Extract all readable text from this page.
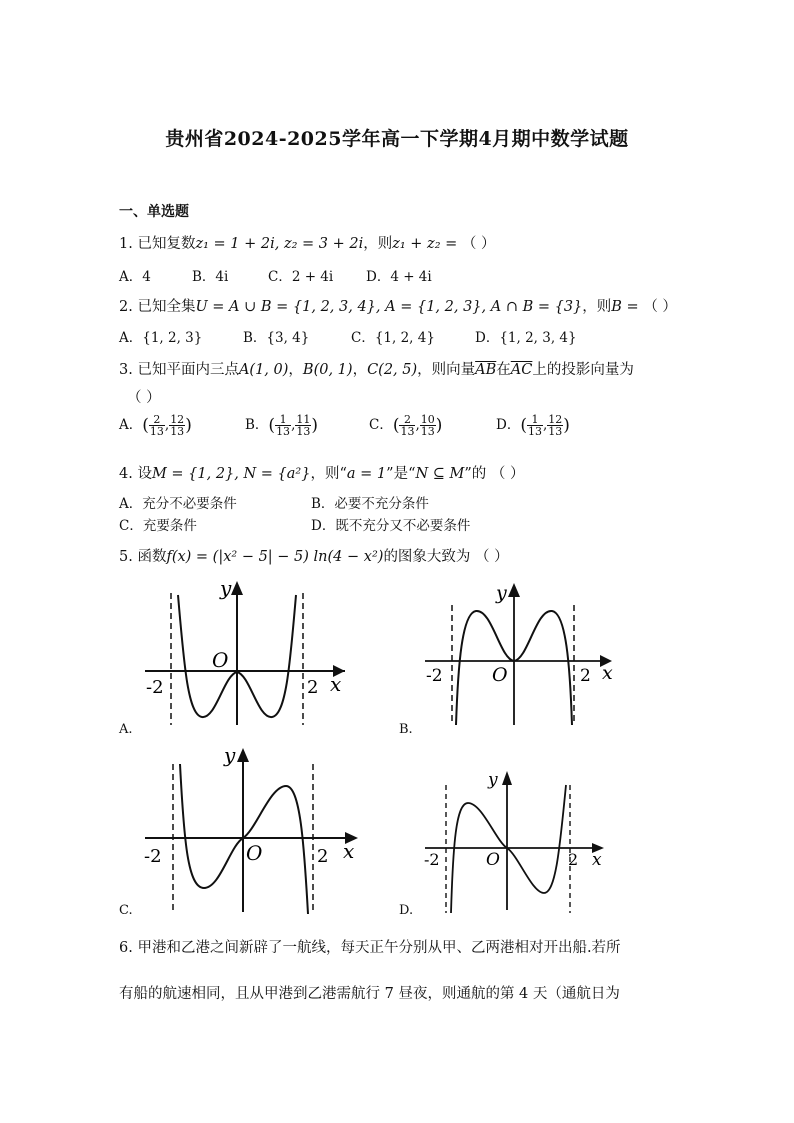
贵州省2024-2025学年高一下学期4月期中数学试题
一、单选题
1. 已知复数z₁ = 1 + 2i, z₂ = 3 + 2i，则z₁ + z₂ = （ ）
A．4	B．4i	C．2 + 4i D．4 + 4i
2. 已知全集U = A ∪ B = {1, 2, 3, 4}, A = {1, 2, 3}, A ∩ B = {3}，则B = （ ）
A．{1, 2, 3}	B．{3, 4}	C．{1, 2, 4}	D．{1, 2, 3, 4}
3. 已知平面内三点A(1, 0)，B(0, 1)，C(2, 5)，则向量$\overline{AB}$在$\overline{AC}$上的投影向量为
（ ）
A．( $\frac{2}{13}$ , $\frac{12}{13}$ )	B．( $\frac{1}{13}$ , $\frac{11}{13}$ )	C．( $\frac{2}{13}$ , $\frac{10}{13}$ )	D．( $\frac{1}{13}$ , $\frac{12}{13}$ )
4. 设M = {1, 2}, N = {a²}，则“a = 1”是“N ⊆ M”的 （ ）
A．充分不必要条件	B．必要不充分条件
C．充要条件	D．既不充分又不必要条件
5. 函数f(x) = (|x² − 5| − 5) ln(4 − x²)的图象大致为 （ ）
O
y
x
-2	2
A.
O
y
x
-2	2
B.
O
y
x
-2	2
C.
O
y
x
-2	2
D.
6. 甲港和乙港之间新辟了一航线，每天正午分别从甲、乙两港相对开出船.若所
有船的航速相同，且从甲港到乙港需航行 7 昼夜，则通航的第 4 天（通航日为
